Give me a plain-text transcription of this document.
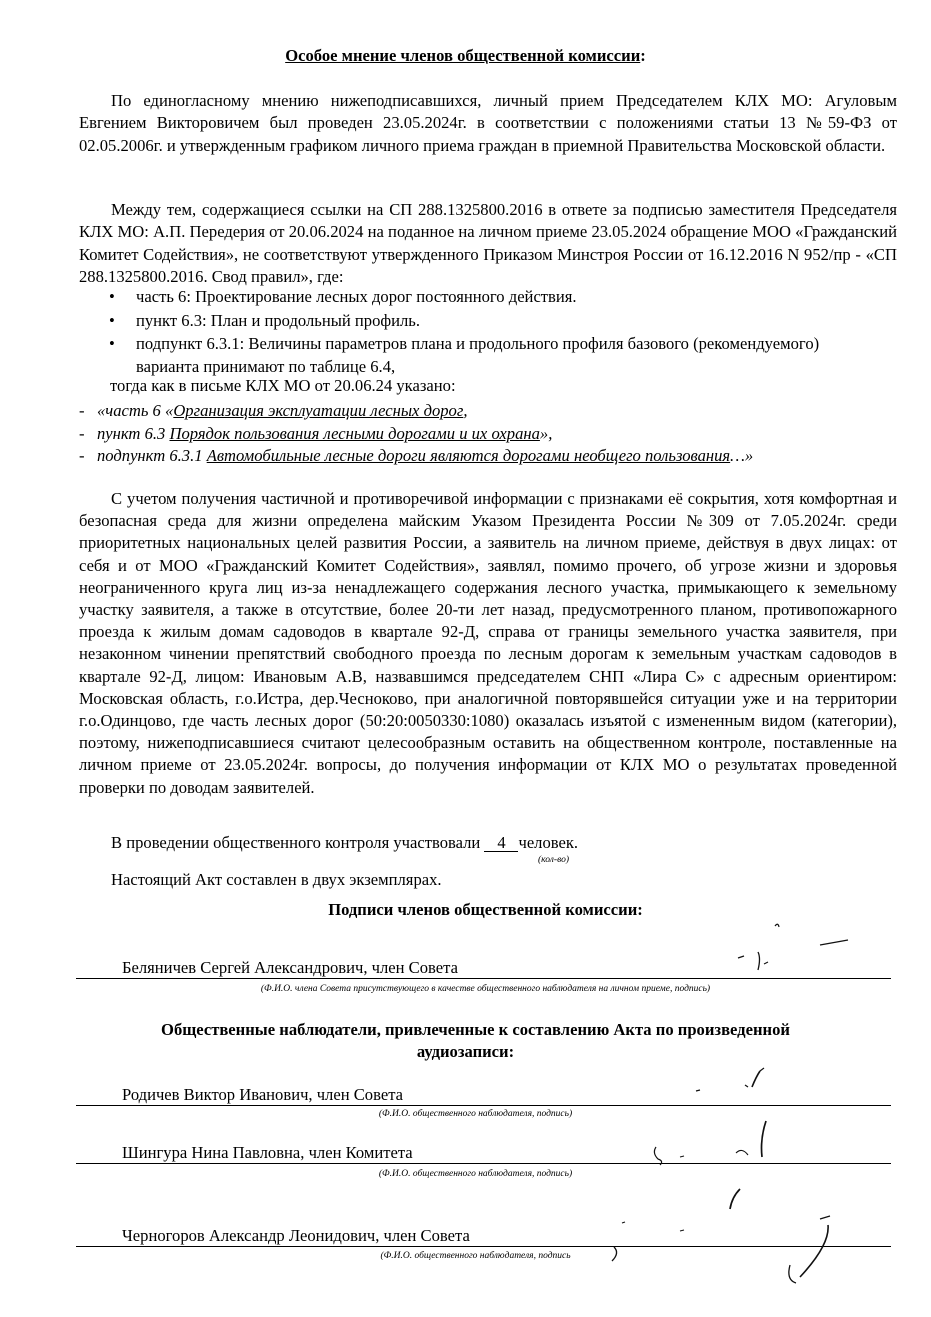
Особое мнение членов общественной комиссии:
По единогласному мнению нижеподписавшихся, личный прием Председателем КЛХ МО: Агуловым Евгением Викторовичем был проведен 23.05.2024г. в соответствии с положениями статьи 13 №59-ФЗ от 02.05.2006г. и утвержденным графиком личного приема граждан в приемной Правительства Московской области.
Между тем, содержащиеся ссылки на СП 288.1325800.2016 в ответе за подписью заместителя Председателя КЛХ МО: А.П. Передерия от 20.06.2024 на поданное на личном приеме 23.05.2024 обращение МОО «Гражданский Комитет Содействия», не соответствуют утвержденного Приказом Минстроя России от 16.12.2016 N 952/пр - «СП 288.1325800.2016. Свод правил», где:
• часть 6: Проектирование лесных дорог постоянного действия.
• пункт 6.3: План и продольный профиль.
• подпункт 6.3.1: Величины параметров плана и продольного профиля базового (рекомендуемого) варианта принимают по таблице 6.4,
тогда как в письме КЛХ МО от 20.06.24 указано:
- «часть 6 «Организация эксплуатации лесных дорог,
- пункт 6.3 Порядок пользования лесными дорогами и их охрана»,
- подпункт 6.3.1 Автомобильные лесные дороги являются дорогами необщего пользования…»
С учетом получения частичной и противоречивой информации с признаками её сокрытия, хотя комфортная и безопасная среда для жизни определена майским Указом Президента России №309 от 7.05.2024г. среди приоритетных национальных целей развития России, а заявитель на личном приеме, действуя в двух лицах: от себя и от МОО «Гражданский Комитет Содействия», заявлял, помимо прочего, об угрозе жизни и здоровья неограниченного круга лиц из-за ненадлежащего содержания лесного участка, примыкающего к земельному участку заявителя, а также в отсутствие, более 20-ти лет назад, предусмотренного планом, противопожарного проезда к жилым домам садоводов в квартале 92-Д, справа от границы земельного участка заявителя, при незаконном чинении препятствий свободного проезда по лесным дорогам к земельным участкам садоводов в квартале 92-Д, лицом: Ивановым А.В, назвавшимся председателем СНП «Лира С» с адресным ориентиром: Московская область, г.о.Истра, дер.Чесноково, при аналогичной повторявшейся ситуации уже и на территории г.о.Одинцово, где часть лесных дорог (50:20:0050330:1080) оказалась изъятой с измененным видом (категории), поэтому, нижеподписавшиеся считают целесообразным оставить на общественном контроле, поставленные на личном приеме от 23.05.2024г. вопросы, до получения информации от КЛХ МО о результатах проведенной проверки по доводам заявителей.
В проведении общественного контроля участвовали 4 человек.
(кол-во)
Настоящий Акт составлен в двух экземплярах.
Подписи членов общественной комиссии:
Беляничев Сергей Александрович, член Совета
(Ф.И.О. члена Совета присутствующего в качестве общественного наблюдателя на личном приеме, подпись)
Общественные наблюдатели, привлеченные к составлению Акта по произведенной
аудиозаписи:
Родичев Виктор Иванович, член Совета
(Ф.И.О. общественного наблюдателя, подпись)
Шингура Нина Павловна, член Комитета
(Ф.И.О. общественного наблюдателя, подпись)
Черногоров Александр Леонидович, член Совета
(Ф.И.О. общественного наблюдателя, подпись
